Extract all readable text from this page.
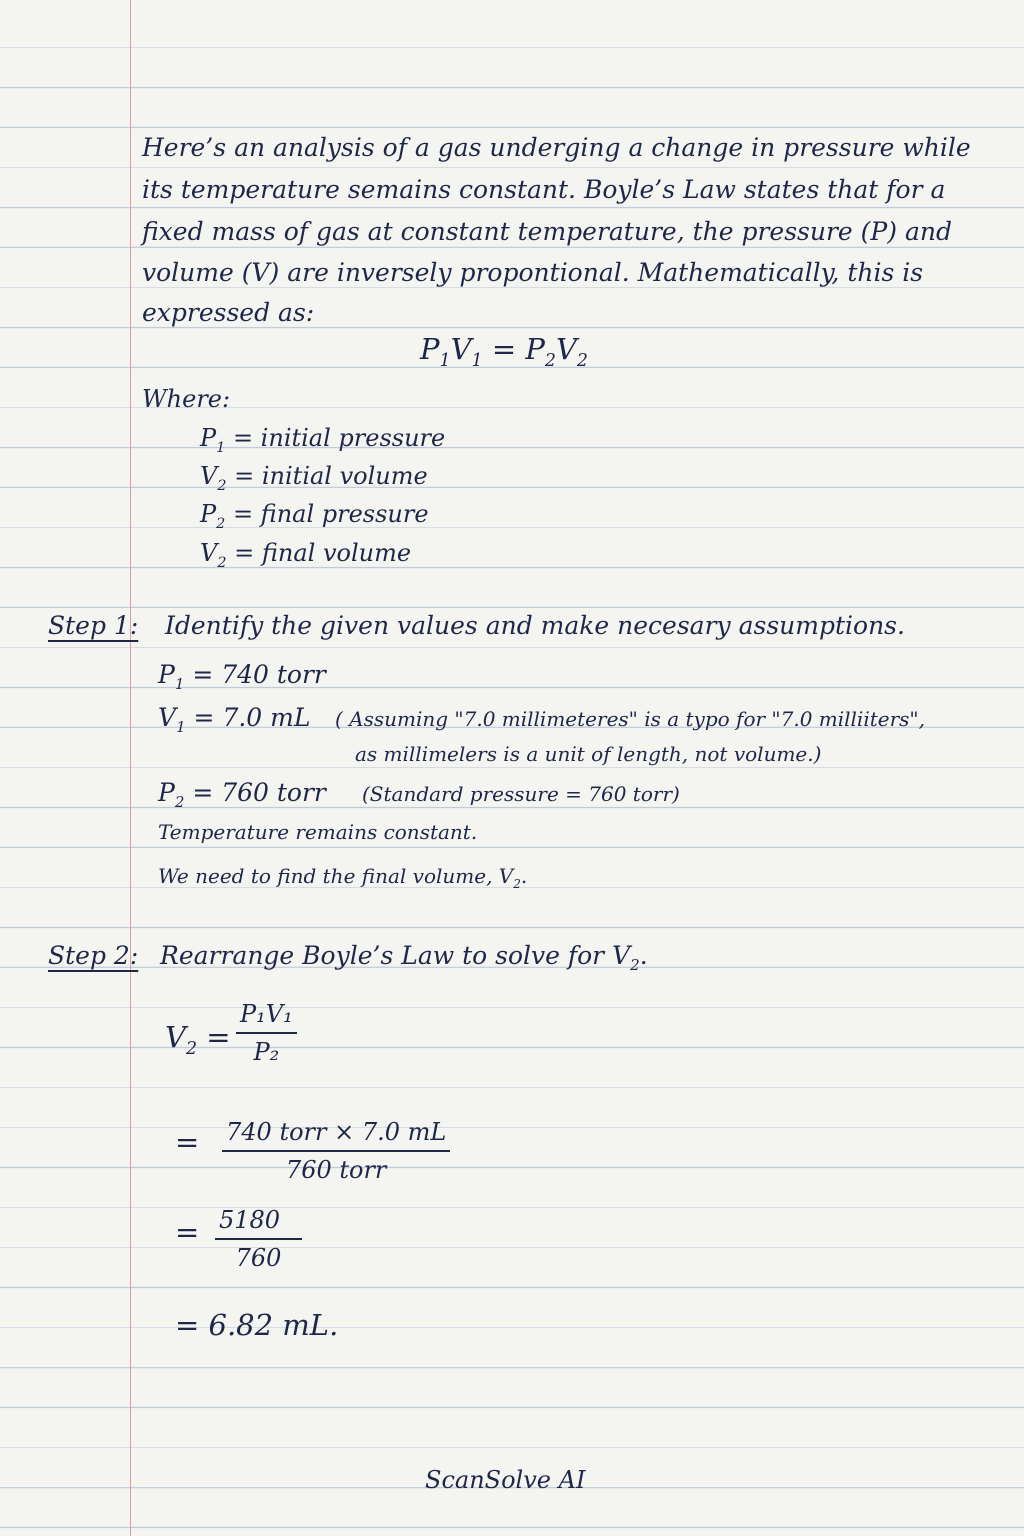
Here’s an analysis of a gas underging a change in pressure while
its temperature semains constant. Boyle’s Law states that for a
fixed mass of gas at constant temperature, the pressure (P) and
volume (V) are inversely propontional. Mathematically, this is
expressed as:
$P_1V_1 = P_2V_2$
Where:
$P_1$ = initial pressure
$V_2$ = initial volume
$P_2$ = final pressure
$V_2$ = final volume
Step 1: Identify the given values and make necesary assumptions.
$P_1 = 740$ torr
$V_1 = 7.0$ mL ( Assuming "7.0 millimeteres" is a typo for "7.0 milliiters",
as millimelers is a unit of length, not volume.)
$P_2 = 760$ torr (Standard pressure = 760 torr)
Temperature remains constant.
We need to find the final volume, $V_2$.
Step 2: Rearrange Boyle’s Law to solve for $V_2$.
$V_2 = \frac{\text{P₁V₁}}{\text{P₂}}$
= 740 torr × 7.0 mL
760 torr
= $\frac{5180}{760}$
= 6.82 mL.
ScanSolve AI
